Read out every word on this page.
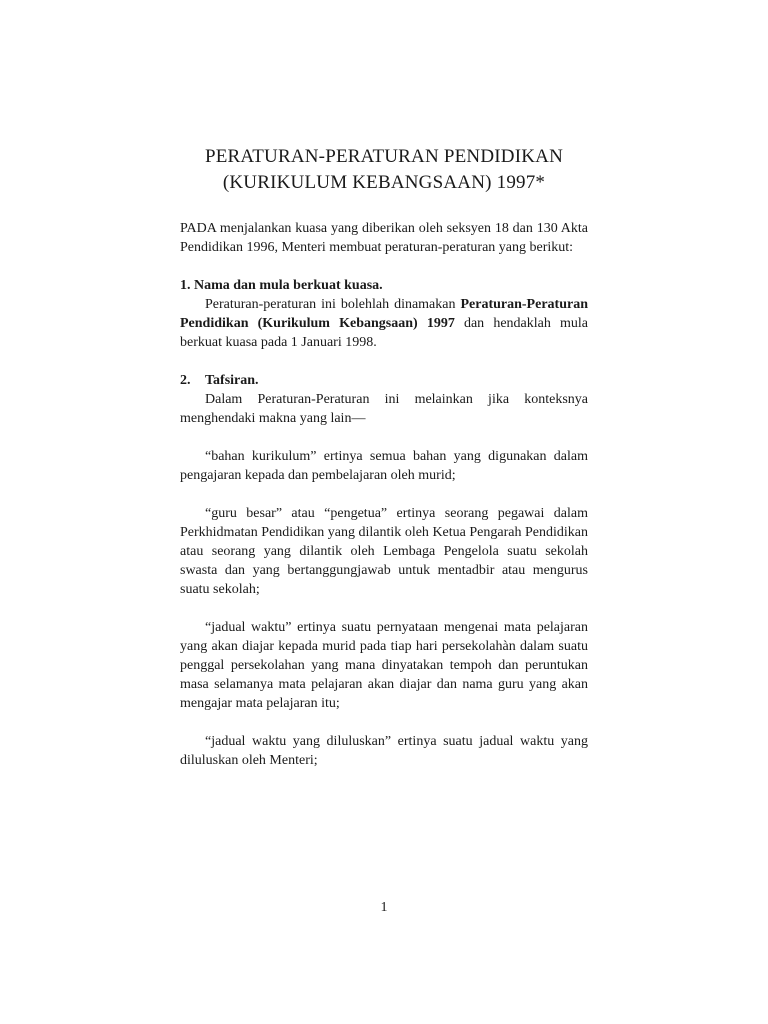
PERATURAN-PERATURAN PENDIDIKAN
(KURIKULUM KEBANGSAAN) 1997*

PADA menjalankan kuasa yang diberikan oleh seksyen 18 dan 130 Akta Pendidikan 1996, Menteri membuat peraturan-peraturan yang berikut:

1. Nama dan mula berkuat kuasa.

Peraturan-peraturan ini bolehlah dinamakan Peraturan-Peraturan Pendidikan (Kurikulum Kebangsaan) 1997 dan hendaklah mula berkuat kuasa pada 1 Januari 1998.

2. Tafsiran.

Dalam Peraturan-Peraturan ini melainkan jika konteksnya menghendaki makna yang lain—

“bahan kurikulum” ertinya semua bahan yang digunakan dalam pengajaran kepada dan pembelajaran oleh murid;

“guru besar” atau “pengetua” ertinya seorang pegawai dalam Perkhidmatan Pendidikan yang dilantik oleh Ketua Pengarah Pendidikan atau seorang yang dilantik oleh Lembaga Pengelola suatu sekolah swasta dan yang bertanggungjawab untuk mentadbir atau mengurus suatu sekolah;

“jadual waktu” ertinya suatu pernyataan mengenai mata pelajaran yang akan diajar kepada murid pada tiap hari persekolahàn dalam suatu penggal persekolahan yang mana dinyatakan tempoh dan peruntukan masa selamanya mata pelajaran akan diajar dan nama guru yang akan mengajar mata pelajaran itu;

“jadual waktu yang diluluskan” ertinya suatu jadual waktu yang diluluskan oleh Menteri;

1
